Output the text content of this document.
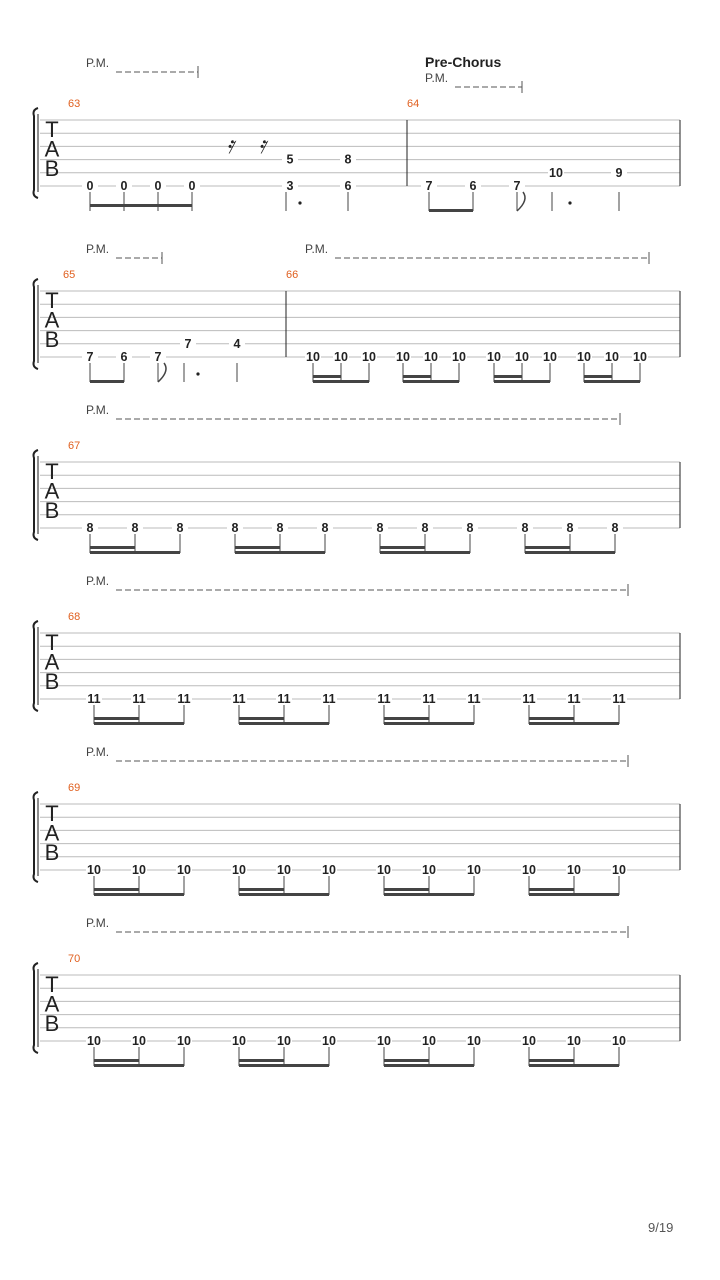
Pre-Chorus
T
A
B
P.M.
P.M.
63
0 0 0 0
5
3
8
6
64
7	6	7
10	9
𝄿 𝄿
T
A
B
P.M.	P.M.
65
7 6 7
7	4
66
10 10 10 10 10 10 10 10 10 10 10 10
T
A
B
P.M.
67
8	8	8	8	8	8	8	8	8	8	8	8
T
A
B
P.M.
68
11	11	11	11	11	11	11	11	11	11	11	11
T
A
B
P.M.
69
10 10 10	10 10 10	10 10 10	10 10 10
T
A
B
P.M.
70
10 10 10	10 10 10	10 10 10	10 10 10
9/19
